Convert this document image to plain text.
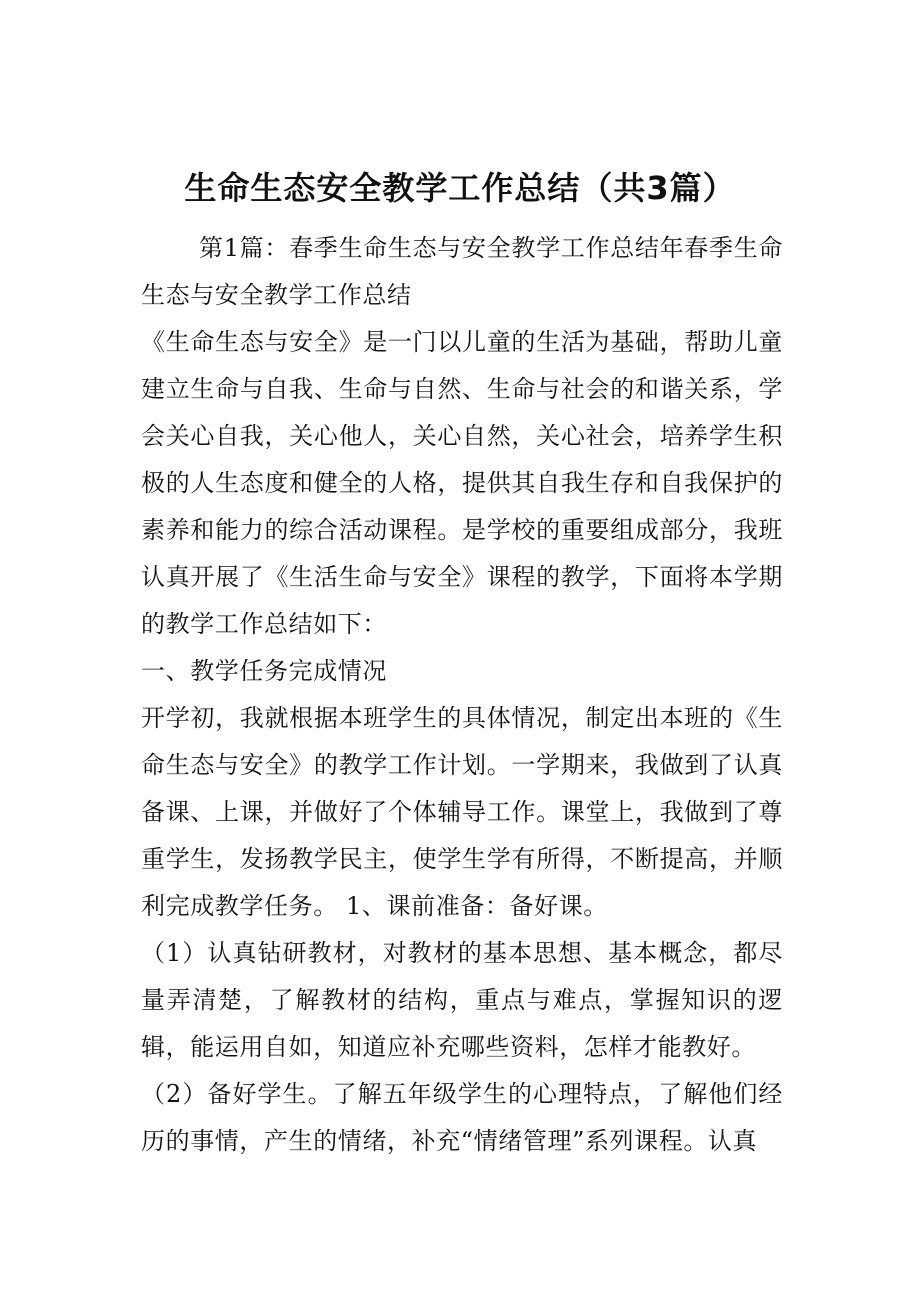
生命生态安全教学工作总结（共3篇）

第1篇：春季生命生态与安全教学工作总结年春季生命生态与安全教学工作总结

《生命生态与安全》是一门以儿童的生活为基础，帮助儿童建立生命与自我、生命与自然、生命与社会的和谐关系，学会关心自我，关心他人，关心自然，关心社会，培养学生积极的人生态度和健全的人格，提供其自我生存和自我保护的素养和能力的综合活动课程。是学校的重要组成部分，我班认真开展了《生活生命与安全》课程的教学，下面将本学期的教学工作总结如下：

一、教学任务完成情况

开学初，我就根据本班学生的具体情况，制定出本班的《生命生态与安全》的教学工作计划。一学期来，我做到了认真备课、上课，并做好了个体辅导工作。课堂上，我做到了尊重学生，发扬教学民主，使学生学有所得，不断提高，并顺利完成教学任务。 1、课前准备：备好课。

（1）认真钻研教材，对教材的基本思想、基本概念，都尽量弄清楚，了解教材的结构，重点与难点，掌握知识的逻辑，能运用自如，知道应补充哪些资料，怎样才能教好。

（2）备好学生。了解五年级学生的心理特点，了解他们经历的事情，产生的情绪，补充“情绪管理”系列课程。认真
